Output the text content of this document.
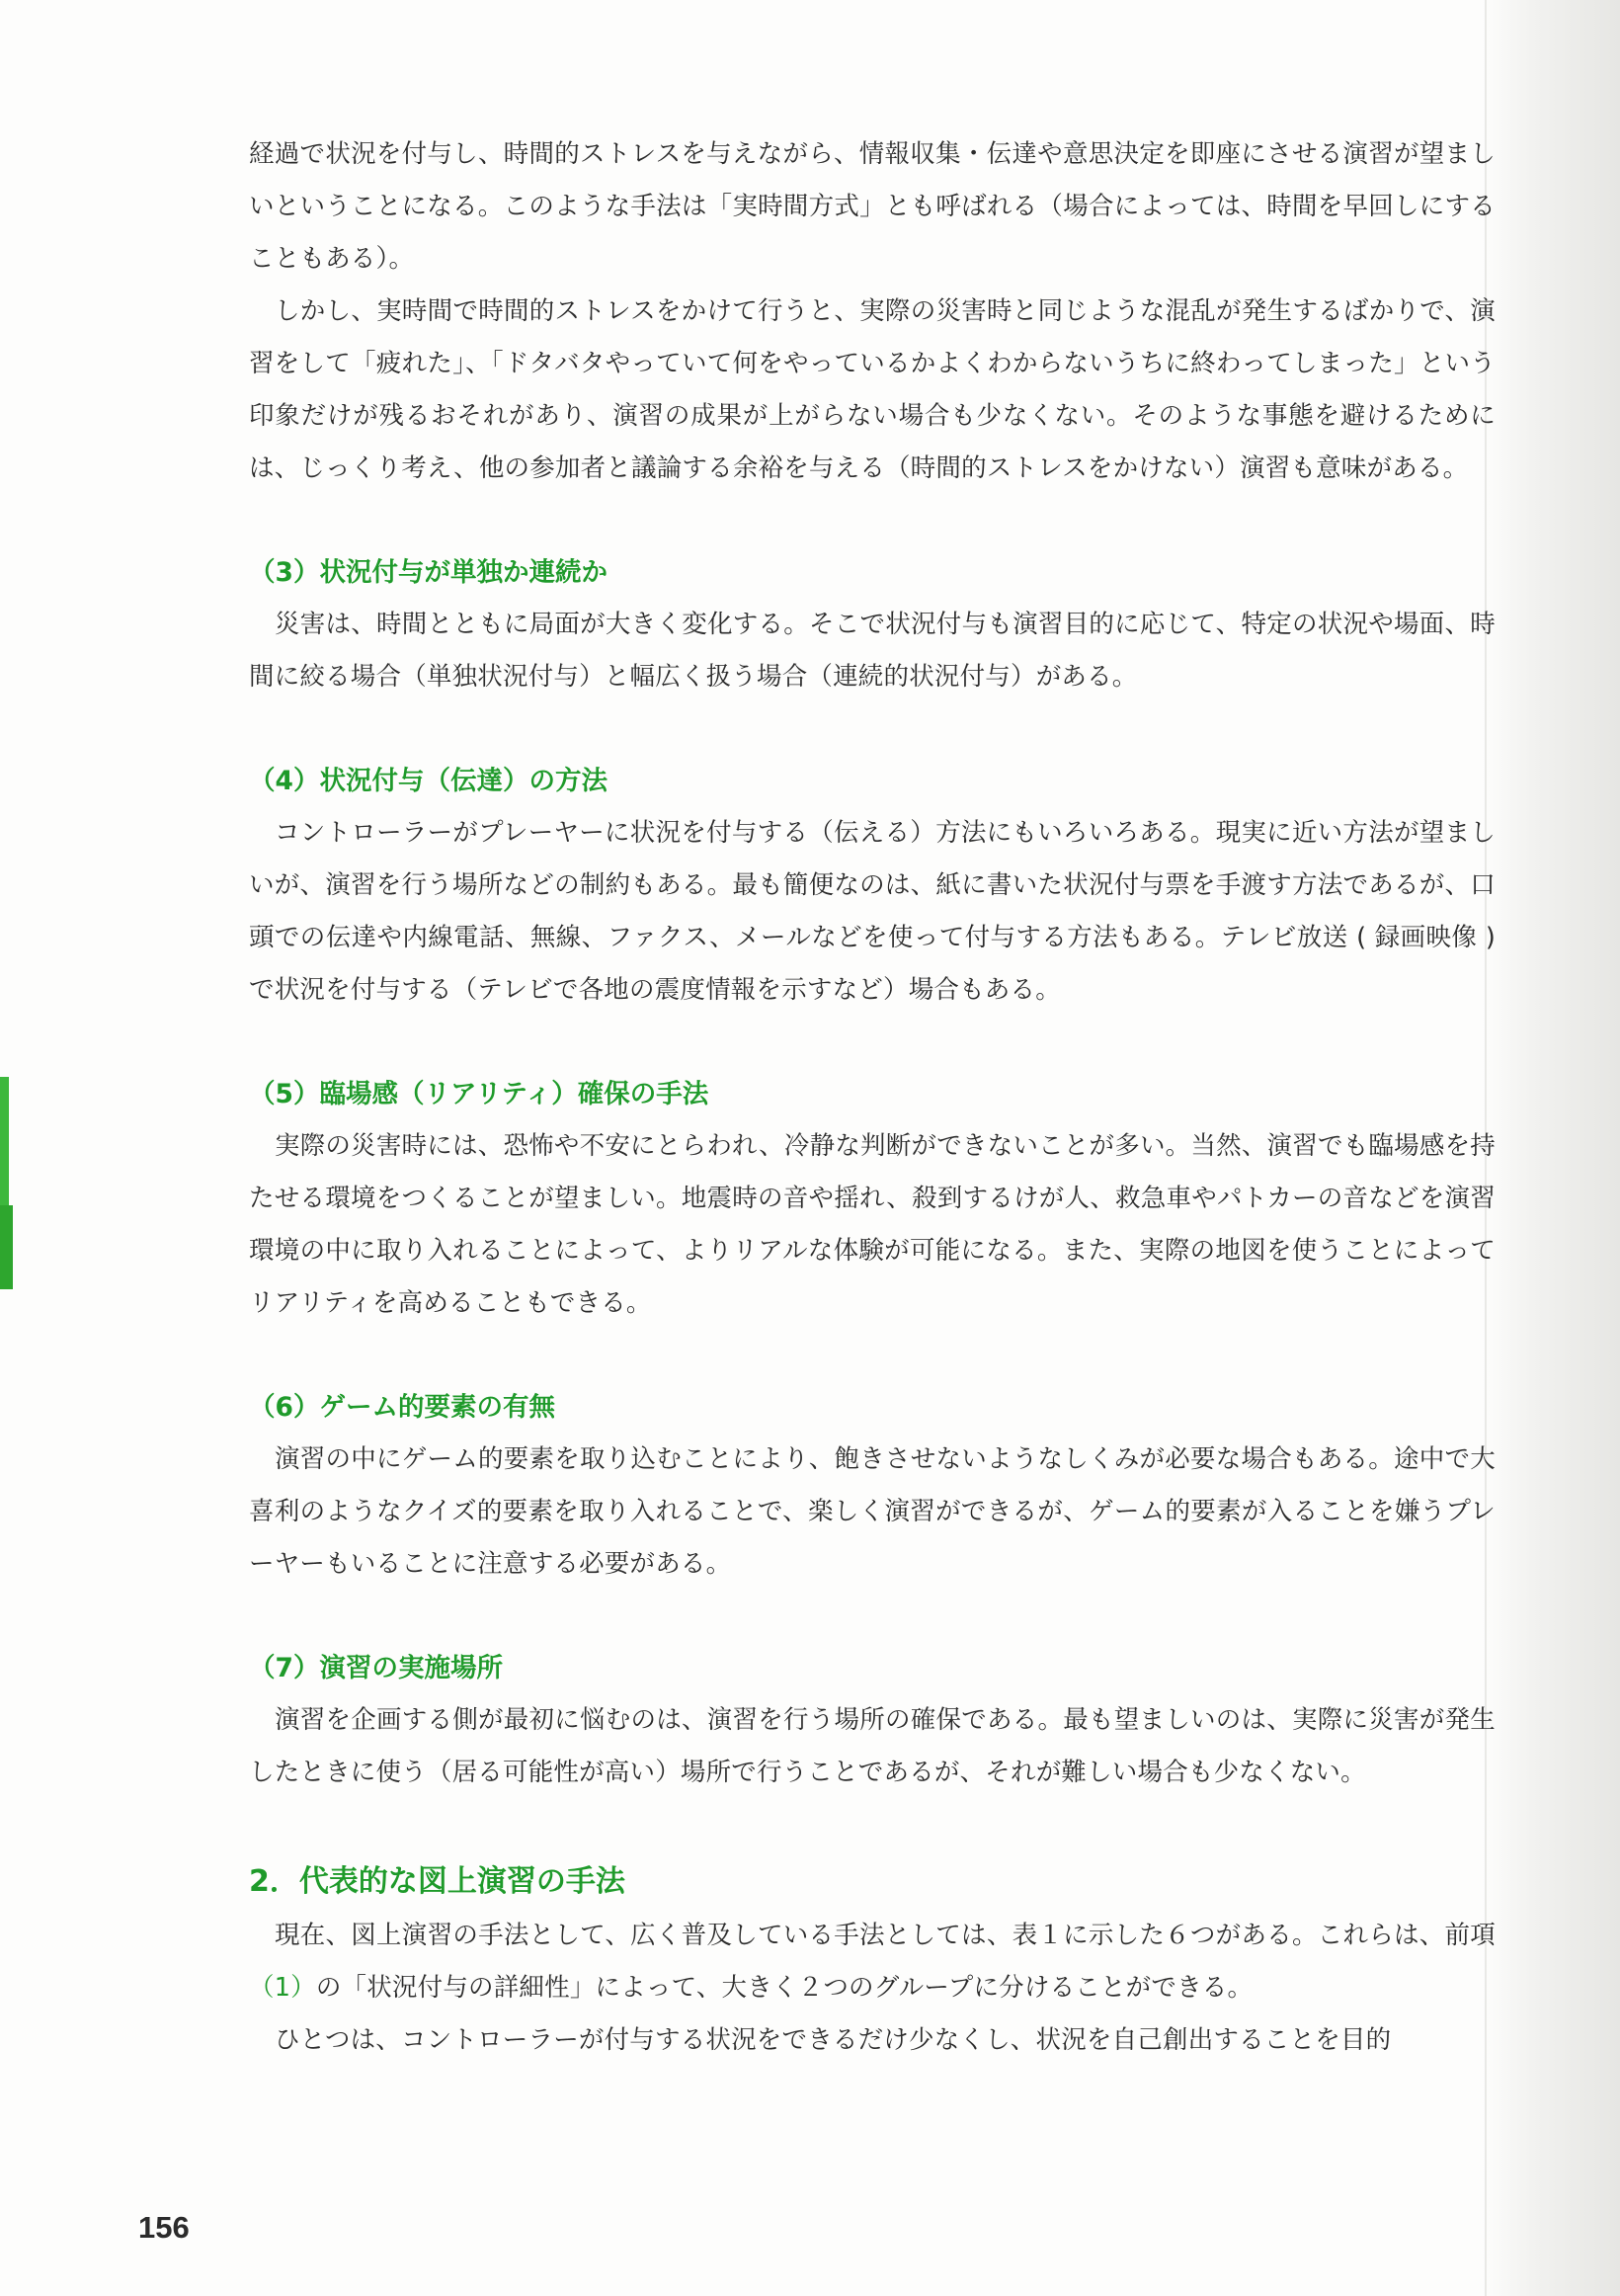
経過で状況を付与し、時間的ストレスを与えながら、情報収集・伝達や意思決定を即座にさせる演習が望ましいということになる。このような手法は「実時間方式」とも呼ばれる（場合によっては、時間を早回しにすることもある）。

しかし、実時間で時間的ストレスをかけて行うと、実際の災害時と同じような混乱が発生するばかりで、演習をして「疲れた」、「ドタバタやっていて何をやっているかよくわからないうちに終わってしまった」という印象だけが残るおそれがあり、演習の成果が上がらない場合も少なくない。そのような事態を避けるためには、じっくり考え、他の参加者と議論する余裕を与える（時間的ストレスをかけない）演習も意味がある。

（3）状況付与が単独か連続か

災害は、時間とともに局面が大きく変化する。そこで状況付与も演習目的に応じて、特定の状況や場面、時間に絞る場合（単独状況付与）と幅広く扱う場合（連続的状況付与）がある。

（4）状況付与（伝達）の方法

コントローラーがプレーヤーに状況を付与する（伝える）方法にもいろいろある。現実に近い方法が望ましいが、演習を行う場所などの制約もある。最も簡便なのは、紙に書いた状況付与票を手渡す方法であるが、口頭での伝達や内線電話、無線、ファクス、メールなどを使って付与する方法もある。テレビ放送 ( 録画映像 ) で状況を付与する（テレビで各地の震度情報を示すなど）場合もある。

（5）臨場感（リアリティ）確保の手法

実際の災害時には、恐怖や不安にとらわれ、冷静な判断ができないことが多い。当然、演習でも臨場感を持たせる環境をつくることが望ましい。地震時の音や揺れ、殺到するけが人、救急車やパトカーの音などを演習環境の中に取り入れることによって、よりリアルな体験が可能になる。また、実際の地図を使うことによってリアリティを高めることもできる。

（6）ゲーム的要素の有無

演習の中にゲーム的要素を取り込むことにより、飽きさせないようなしくみが必要な場合もある。途中で大喜利のようなクイズ的要素を取り入れることで、楽しく演習ができるが、ゲーム的要素が入ることを嫌うプレーヤーもいることに注意する必要がある。

（7）演習の実施場所

演習を企画する側が最初に悩むのは、演習を行う場所の確保である。最も望ましいのは、実際に災害が発生したときに使う（居る可能性が高い）場所で行うことであるが、それが難しい場合も少なくない。

2．代表的な図上演習の手法

現在、図上演習の手法として、広く普及している手法としては、表１に示した６つがある。これらは、前項（1）の「状況付与の詳細性」によって、大きく２つのグループに分けることができる。

ひとつは、コントローラーが付与する状況をできるだけ少なくし、状況を自己創出することを目的

156
